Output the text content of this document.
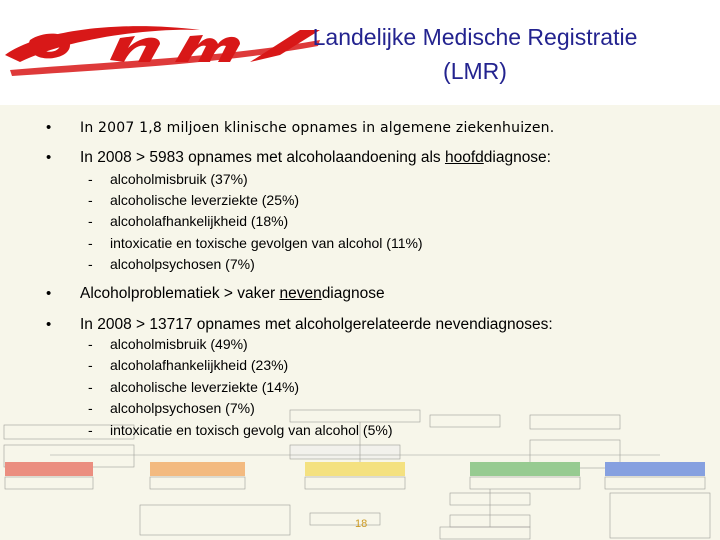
Landelijke Medische Registratie
(LMR)
• In 2007 1,8 miljoen klinische opnames in algemene ziekenhuizen.
• In 2008 > 5983 opnames met alcoholaandoening als hoofddiagnose:
- alcoholmisbruik (37%)
- alcoholische leverziekte (25%)
- alcoholafhankelijkheid (18%)
- intoxicatie en toxische gevolgen van alcohol (11%)
- alcoholpsychosen (7%)
• Alcoholproblematiek > vaker nevendiagnose
• In 2008 > 13717 opnames met alcoholgerelateerde nevendiagnoses:
- alcoholmisbruik (49%)
- alcoholafhankelijkheid (23%)
- alcoholische leverziekte (14%)
- alcoholpsychosen (7%)
- intoxicatie en toxisch gevolg van alcohol (5%)
18
